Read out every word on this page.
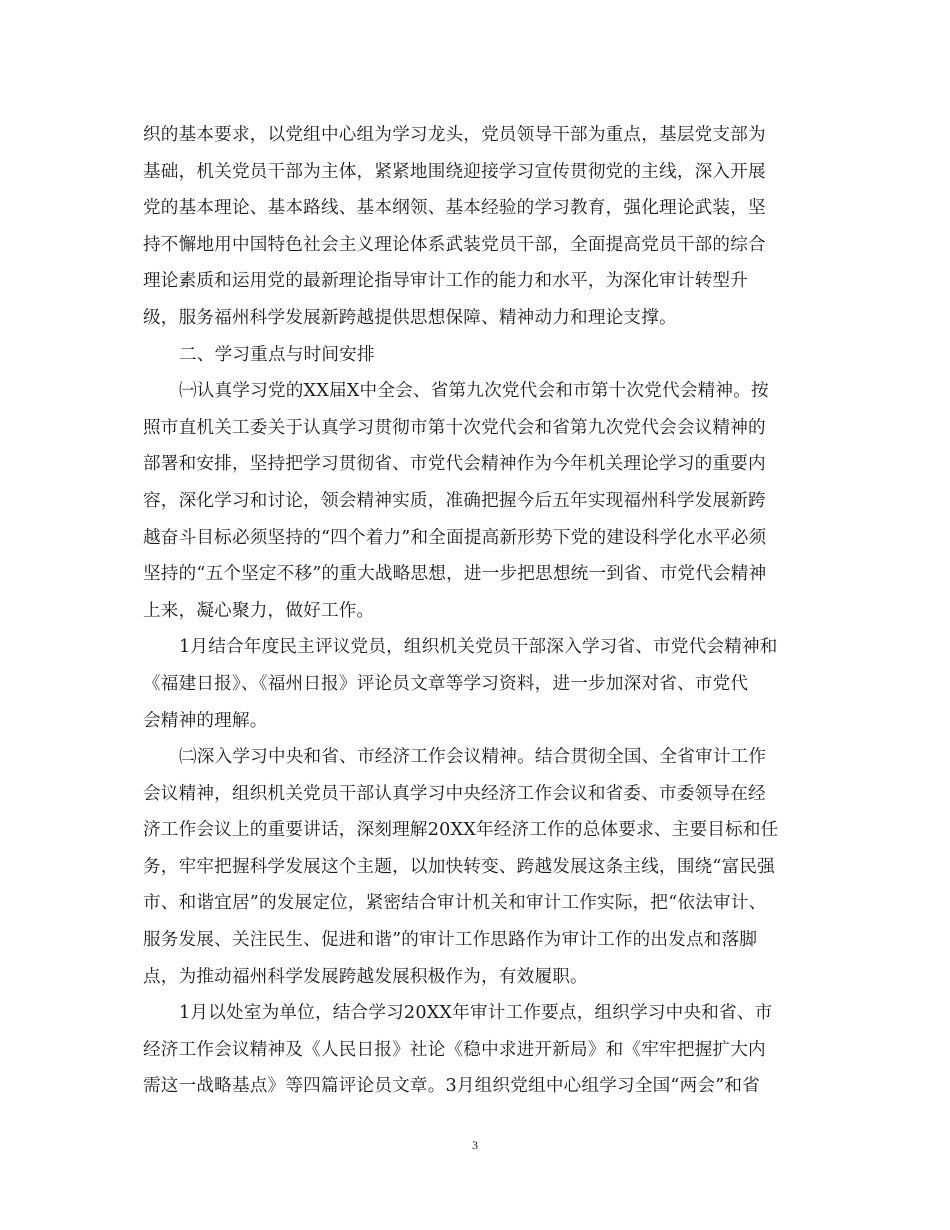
织的基本要求，以党组中心组为学习龙头，党员领导干部为重点，基层党支部为
基础，机关党员干部为主体，紧紧地围绕迎接学习宣传贯彻党的主线，深入开展
党的基本理论、基本路线、基本纲领、基本经验的学习教育，强化理论武装，坚
持不懈地用中国特色社会主义理论体系武装党员干部，全面提高党员干部的综合
理论素质和运用党的最新理论指导审计工作的能力和水平，为深化审计转型升
级，服务福州科学发展新跨越提供思想保障、精神动力和理论支撑。
二、学习重点与时间安排
㈠认真学习党的XX届X中全会、省第九次党代会和市第十次党代会精神。按
照市直机关工委关于认真学习贯彻市第十次党代会和省第九次党代会会议精神的
部署和安排，坚持把学习贯彻省、市党代会精神作为今年机关理论学习的重要内
容，深化学习和讨论，领会精神实质，准确把握今后五年实现福州科学发展新跨
越奋斗目标必须坚持的“四个着力”和全面提高新形势下党的建设科学化水平必须
坚持的“五个坚定不移”的重大战略思想，进一步把思想统一到省、市党代会精神
上来，凝心聚力，做好工作。
1月结合年度民主评议党员，组织机关党员干部深入学习省、市党代会精神和
《福建日报》、《福州日报》评论员文章等学习资料，进一步加深对省、市党代
会精神的理解。
㈡深入学习中央和省、市经济工作会议精神。结合贯彻全国、全省审计工作
会议精神，组织机关党员干部认真学习中央经济工作会议和省委、市委领导在经
济工作会议上的重要讲话，深刻理解20XX年经济工作的总体要求、主要目标和任
务，牢牢把握科学发展这个主题，以加快转变、跨越发展这条主线，围绕“富民强
市、和谐宜居”的发展定位，紧密结合审计机关和审计工作实际，把“依法审计、
服务发展、关注民生、促进和谐”的审计工作思路作为审计工作的出发点和落脚
点，为推动福州科学发展跨越发展积极作为，有效履职。
1月以处室为单位，结合学习20XX年审计工作要点，组织学习中央和省、市
经济工作会议精神及《人民日报》社论《稳中求进开新局》和《牢牢把握扩大内
需这一战略基点》等四篇评论员文章。3月组织党组中心组学习全国“两会”和省
3
